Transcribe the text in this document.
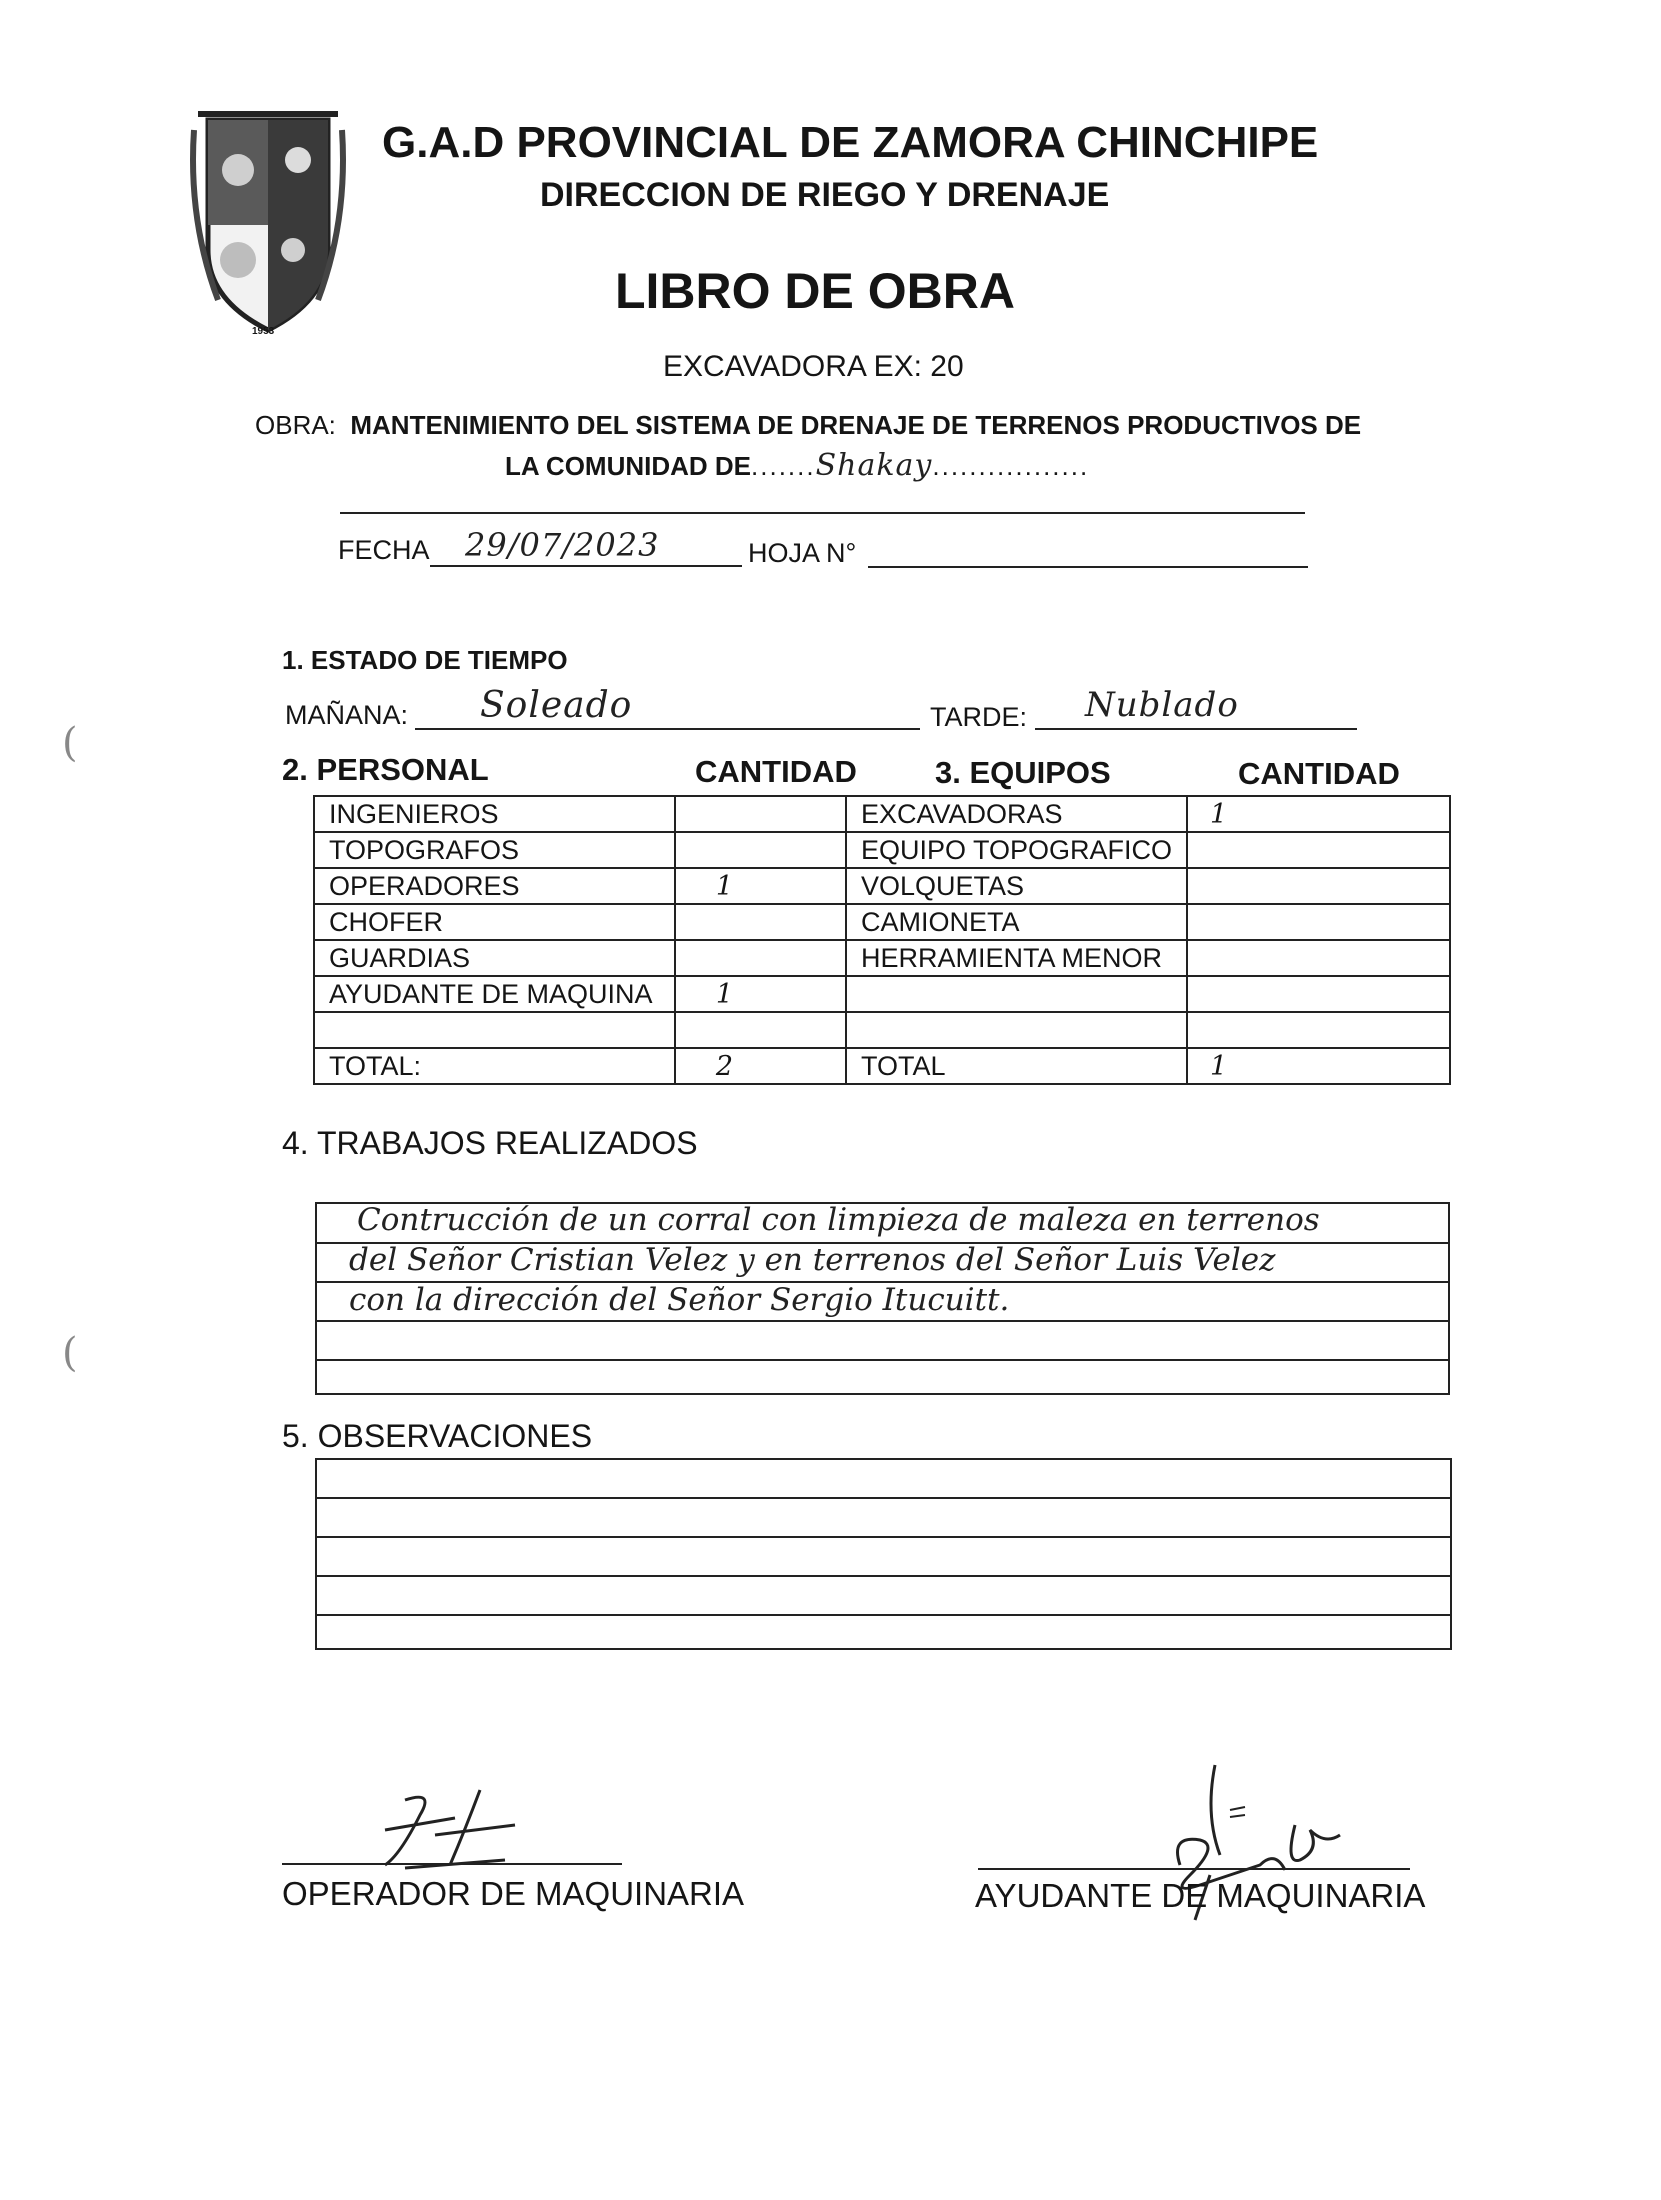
1953
G.A.D PROVINCIAL DE ZAMORA CHINCHIPE
DIRECCION DE RIEGO Y DRENAJE
LIBRO DE OBRA
EXCAVADORA EX: 20
OBRA: MANTENIMIENTO DEL SISTEMA DE DRENAJE DE TERRENOS PRODUCTIVOS DE
LA COMUNIDAD DE.......Shakay.................
FECHA 29/07/2023	HOJA N°
1. ESTADO DE TIEMPO
MAÑANA: Soleado	TARDE: Nublado
2. PERSONAL	CANTIDAD	3. EQUIPOS	CANTIDAD
INGENIEROS		EXCAVADORAS	1
TOPOGRAFOS		EQUIPO TOPOGRAFICO	
OPERADORES	1	VOLQUETAS	
CHOFER		CAMIONETA	
GUARDIAS		HERRAMIENTA MENOR	
AYUDANTE DE MAQUINA	1		

TOTAL:	2	TOTAL	1
4. TRABAJOS REALIZADOS
Contrucción de un corral con limpieza de maleza en terrenos
del Señor Cristian Velez y en terrenos del Señor Luis Velez
con la dirección del Señor Sergio Itucuitt.
5. OBSERVACIONES
OPERADOR DE MAQUINARIA	AYUDANTE DE MAQUINARIA
(
(
